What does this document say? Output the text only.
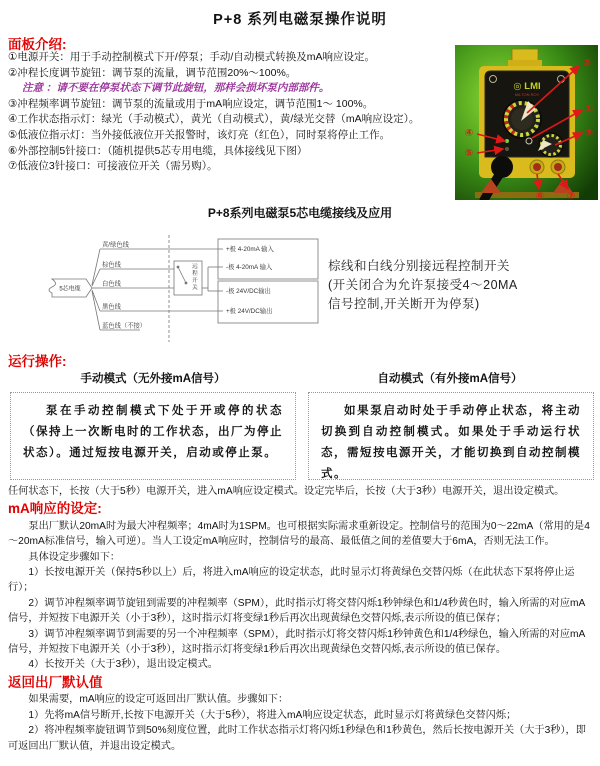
P+8 系列电磁泵操作说明
面板介绍:

①电源开关：用于手动控制模式下开/停泵；手动/自动模式转换及mA响应设定。

②冲程长度调节旋钮：调节泵的流量，调节范围20%～100%。

注意 ：请不要在停泵状态下调节此旋钮，那样会损坏泵内部部件。

③冲程频率调节旋钮：调节泵的流量或用于mA响应设定，调节范围1～ 100%。

④工作状态指示灯：绿光（手动模式），黄光（自动模式），黄/绿光交替（mA响应设定）。

⑤低液位指示灯：当外接低液位开关报警时，该灯亮（红色），同时泵将停止工作。

⑥外部控制5针接口：（随机提供5芯专用电缆，具体接线见下图）

⑦低液位3针接口：可接液位开关（需另购）。

◎ LMI
MILTON ROY
②
①
③
④
⑤
⑥ ⑦
P+8系列电磁泵5芯电缆接线及应用
5芯电缆
黄/绿色线
棕色线
白色线
黑色线
蓝色线（不接）
+极 4-20mA 输入
-极 4-20mA 输入
-极 24V/DC输出
+极 24V/DC输出
远程开关
棕线和白线分别接远程控制开关(开关闭合为允许泵接受4～20MA信号控制,开关断开为停泵)
运行操作:
手动模式（无外接mA信号）	自动模式（有外接mA信号）
泵在手动控制模式下处于开或停的状态（保持上一次断电时的工作状态，出厂为停止状态）。通过短按电源开关，启动或停止泵。
如果泵启动时处于手动停止状态，将主动切换到自动控制模式。如果处于手动运行状态，需短按电源开关，才能切换到自动控制模式。

任何状态下，长按（大于5秒）电源开关，进入mA响应设定模式。设定完毕后，长按（大于3秒）电源开关，退出设定模式。

mA响应的设定:

泵出厂默认20mA时为最大冲程频率；4mA时为1SPM。也可根据实际需求重新设定。控制信号的范围为0～22mA（常用的是4～20mA标准信号，输入可逆）。当人工设定mA响应时，控制信号的最高、最低值之间的差值要大于6mA，否则无法工作。

具体设定步骤如下：

1）长按电源开关（保持5秒以上）后，将进入mA响应的设定状态，此时显示灯将黄绿色交替闪烁（在此状态下泵将停止运行）；

2）调节冲程频率调节旋钮到需要的冲程频率（SPM），此时指示灯将交替闪烁1秒钟绿色和1/4秒黄色时，输入所需的对应mA信号，并短按下电源开关（小于3秒），这时指示灯将变绿1秒后再次出现黄绿色交替闪烁,表示所设的值已保存；

3）调节冲程频率调节到需要的另一个冲程频率（SPM），此时指示灯将交替闪烁1秒钟黄色和1/4秒绿色，输入所需的对应mA信号，并短按下电源开关（小于3秒），这时指示灯将变绿1秒后再次出现黄绿色交替闪烁,表示所设的值已保存。

4）长按开关（大于3秒），退出设定模式。

返回出厂默认值

如果需要，mA响应的设定可返回出厂默认值。步骤如下：

1）先将mA信号断开,长按下电源开关（大于5秒），将进入mA响应设定状态，此时显示灯将黄绿色交替闪烁；

2）将冲程频率旋钮调节到50%刻度位置，此时工作状态指示灯将闪烁1秒绿色和1秒黄色，然后长按电源开关（大于3秒），即可返回出厂默认值，并退出设定模式。
